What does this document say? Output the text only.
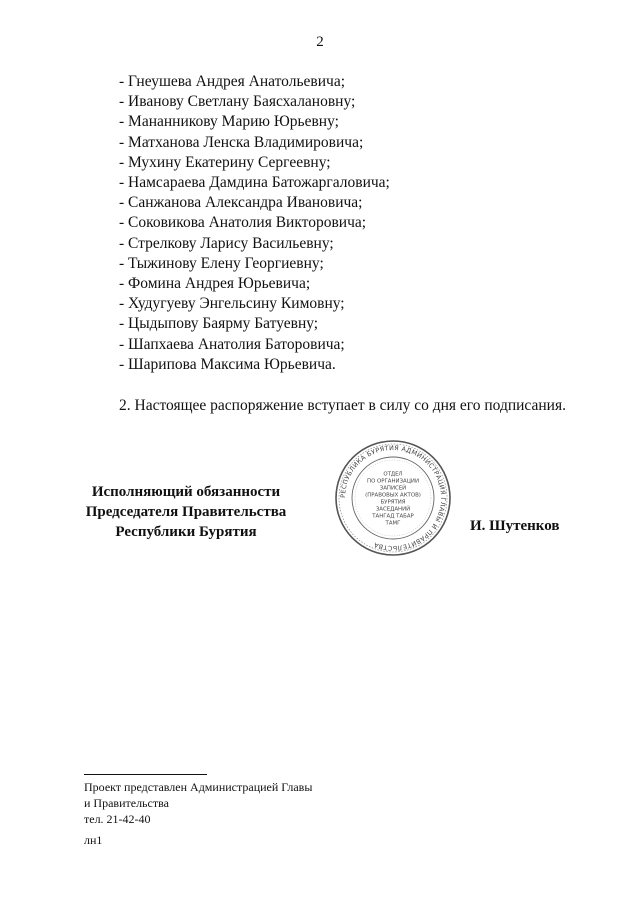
2
- Гнеушева Андрея Анатольевича;
- Иванову Светлану Баясхалановну;
- Мананникову Марию Юрьевну;
- Матханова Ленска Владимировича;
- Мухину Екатерину Сергеевну;
- Намсараева Дамдина Батожаргаловича;
- Санжанова Александра Ивановича;
- Соковикова Анатолия Викторовича;
- Стрелкову Ларису Васильевну;
- Тыжинову Елену Георгиевну;
- Фомина Андрея Юрьевича;
- Худугуеву Энгельсину Кимовну;
- Цыдыпову Баярму Батуевну;
- Шапхаева Анатолия Баторовича;
- Шарипова Максима Юрьевича.
2. Настоящее распоряжение вступает в силу со дня его подписания.
Исполняющий обязанности
Председателя Правительства
Республики Бурятия
РЕСПУБЛИКА БУРЯТИЯ АДМИНИСТРАЦИЯ ГЛАВЫ И ПРАВИТЕЛЬСТВА
ОТДЕЛ
ПО ОРГАНИЗАЦИИ
ЗАПИСЕЙ
(ПРАВОВЫХ АКТОВ)
БУРЯТИЯ
ЗАСЕДАНИЙ
ТАНГАД ТАБАР
ТАМГ	И. Шутенков
Проект представлен Администрацией Главы
и Правительства
тел. 21-42-40
лн1
